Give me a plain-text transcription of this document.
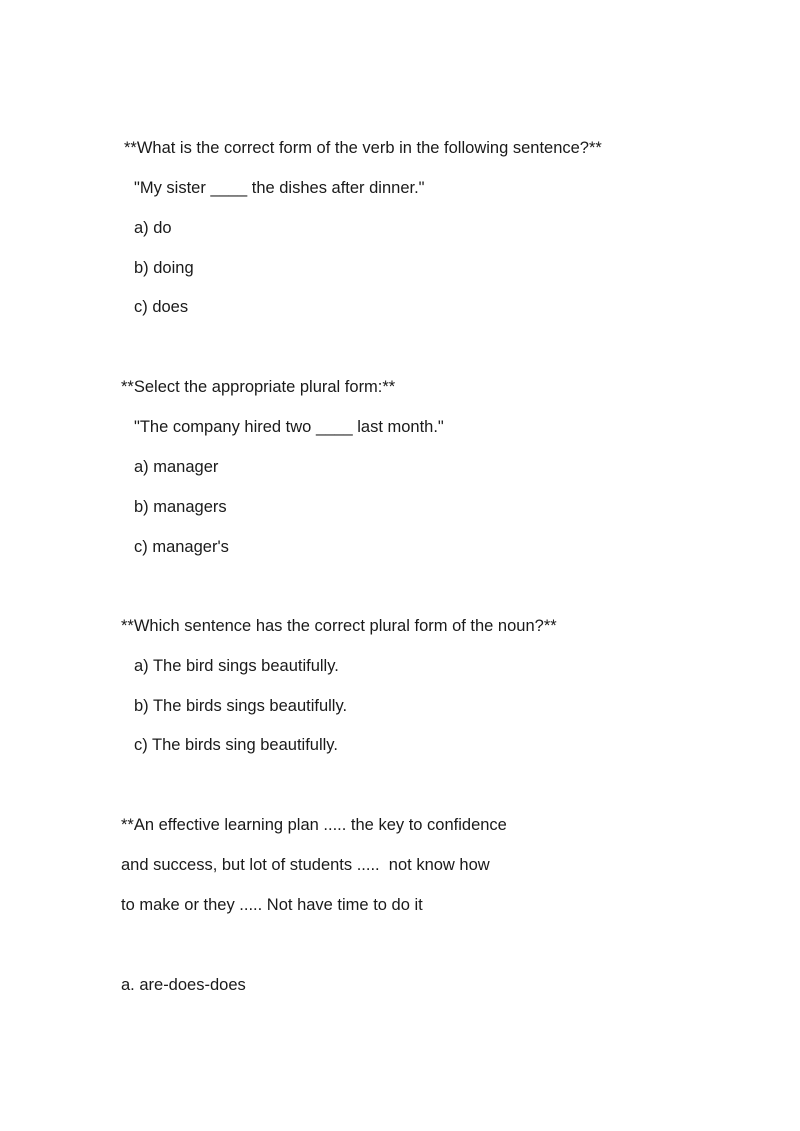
**What is the correct form of the verb in the following sentence?**
"My sister ____ the dishes after dinner."
a) do
b) doing
c) does
**Select the appropriate plural form:**
"The company hired two ____ last month."
a) manager
b) managers
c) manager's
**Which sentence has the correct plural form of the noun?**
a) The bird sings beautifully.
b) The birds sings beautifully.
c) The birds sing beautifully.
**An effective learning plan ..... the key to confidence
and success, but lot of students .....  not know how
to make or they ..... Not have time to do it
a. are-does-does
